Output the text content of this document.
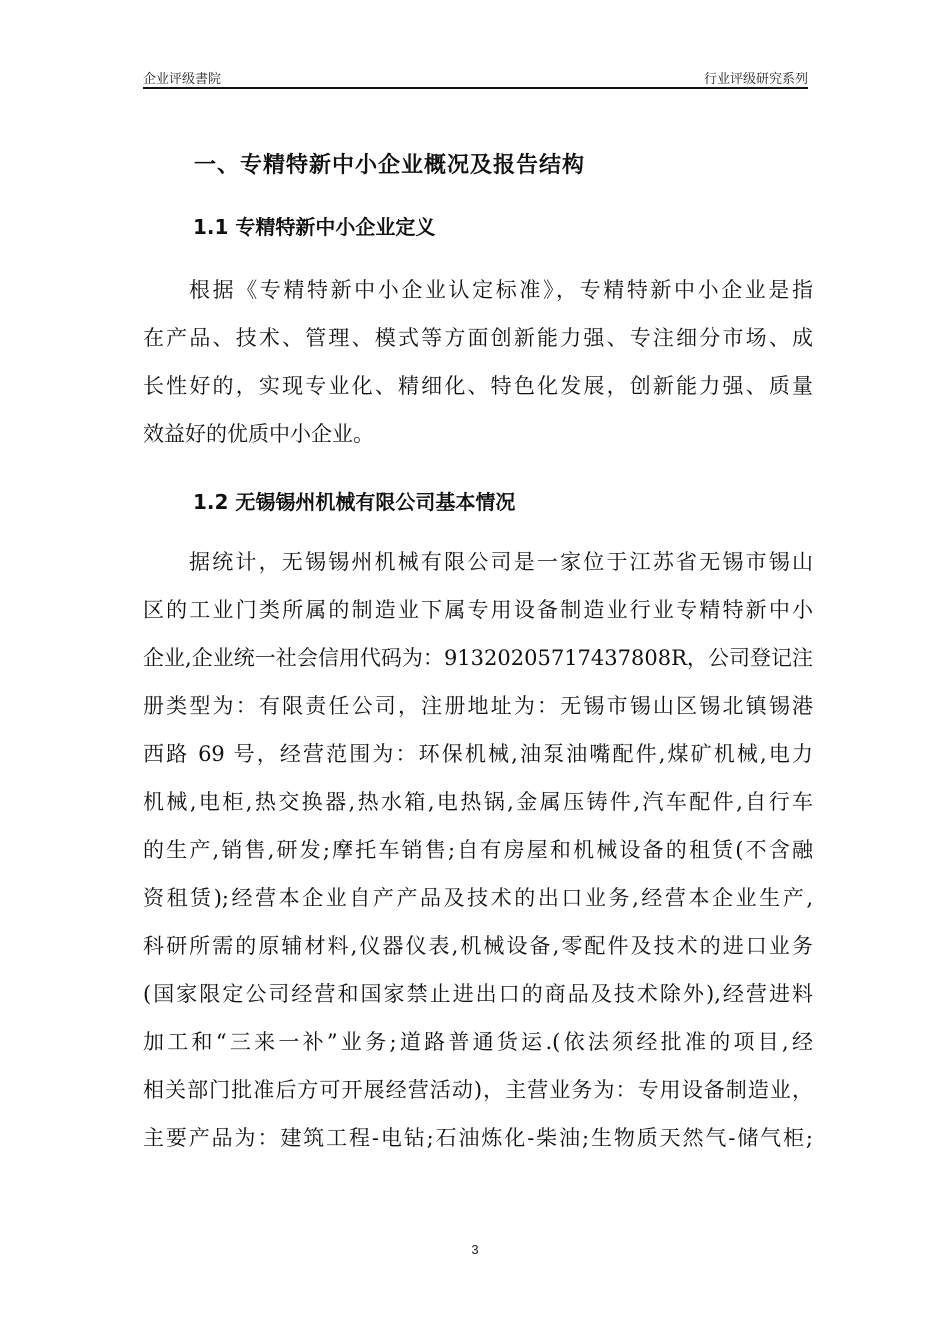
企业评级書院	行业评级研究系列
一、专精特新中小企业概况及报告结构
1.1 专精特新中小企业定义
根据《专精特新中小企业认定标准》，专精特新中小企业是指
在产品、技术、管理、模式等方面创新能力强、专注细分市场、成
长性好的，实现专业化、精细化、特色化发展，创新能力强、质量
效益好的优质中小企业。
1.2 无锡锡州机械有限公司基本情况
据统计，无锡锡州机械有限公司是一家位于江苏省无锡市锡山
区的工业门类所属的制造业下属专用设备制造业行业专精特新中小
企业,企业统一社会信用代码为：91320205717437808R，公司登记注
册类型为：有限责任公司，注册地址为：无锡市锡山区锡北镇锡港
西路 69 号，经营范围为：环保机械,油泵油嘴配件,煤矿机械,电力
机械,电柜,热交换器,热水箱,电热锅,金属压铸件,汽车配件,自行车
的生产,销售,研发;摩托车销售;自有房屋和机械设备的租赁(不含融
资租赁);经营本企业自产产品及技术的出口业务,经营本企业生产,
科研所需的原辅材料,仪器仪表,机械设备,零配件及技术的进口业务
(国家限定公司经营和国家禁止进出口的商品及技术除外),经营进料
加工和“三来一补”业务;道路普通货运.(依法须经批准的项目,经
相关部门批准后方可开展经营活动)，主营业务为：专用设备制造业，
主要产品为：建筑工程-电钻;石油炼化-柴油;生物质天然气-储气柜;
3
